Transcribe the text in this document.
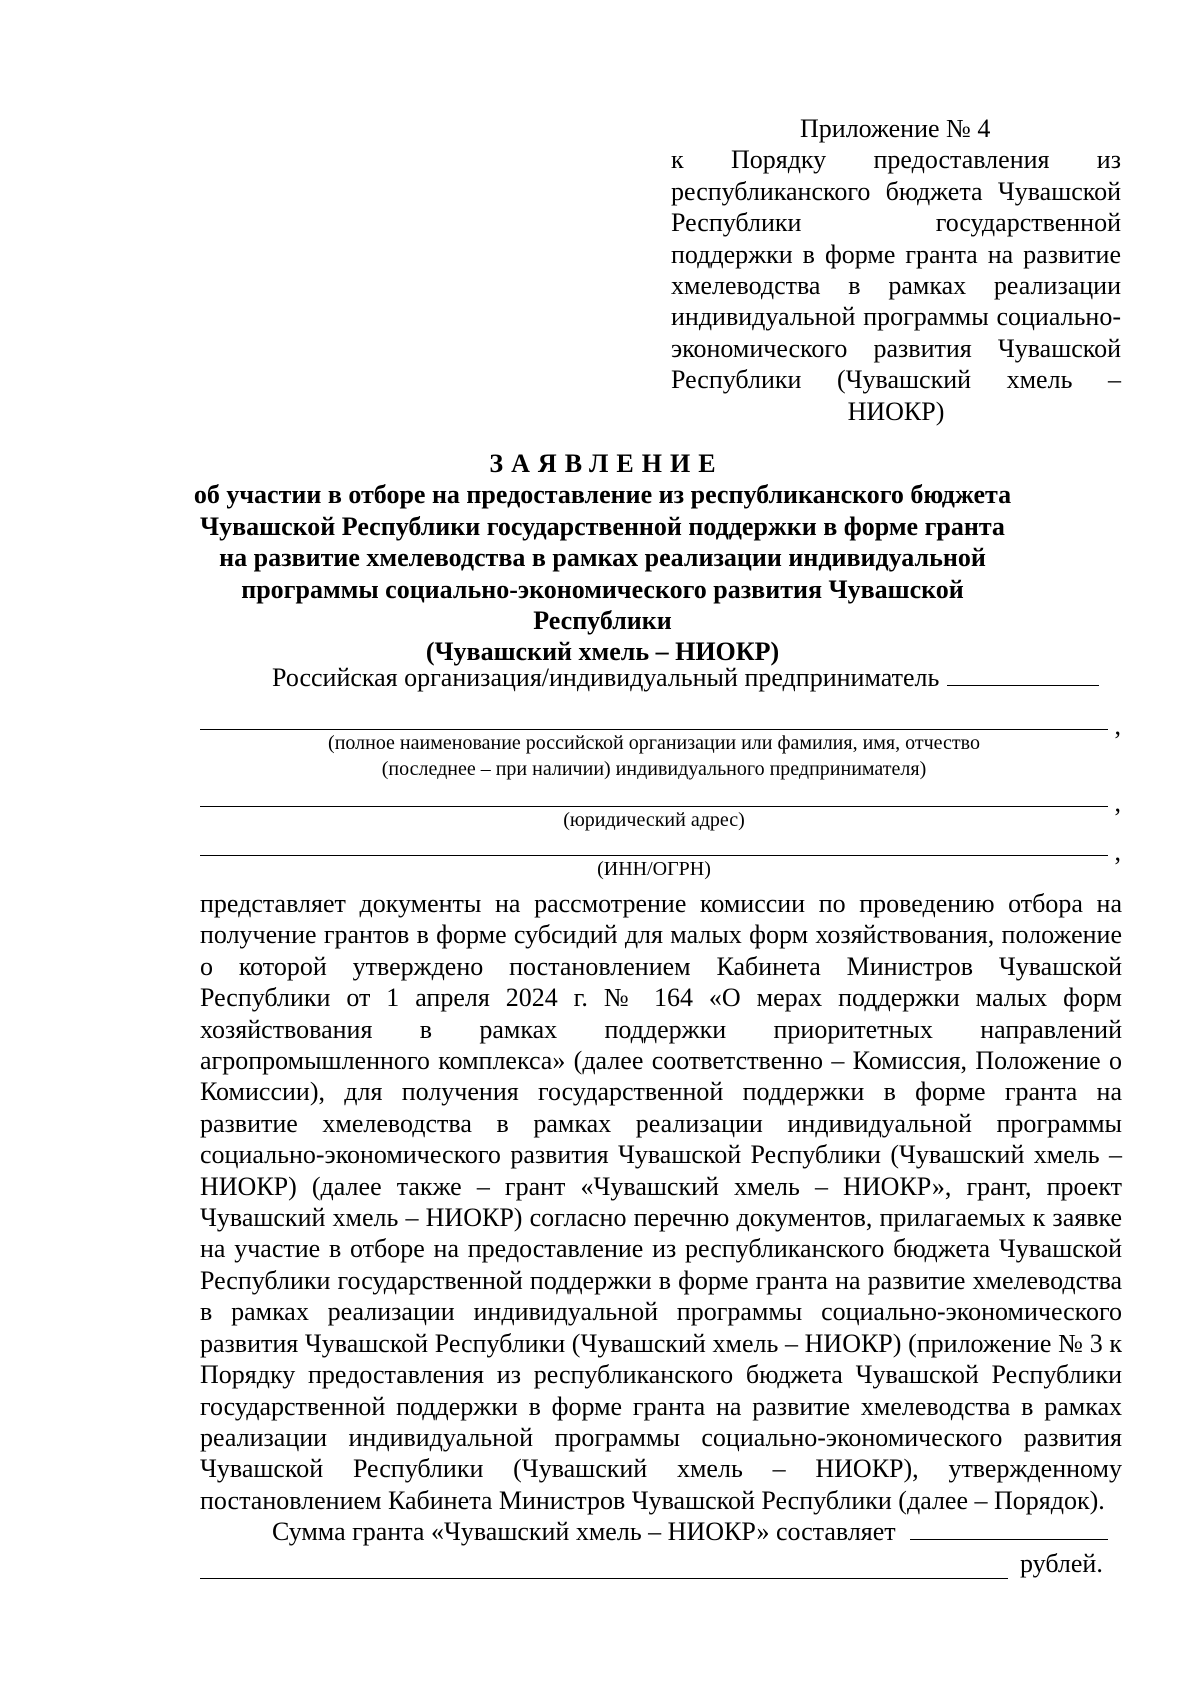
Приложение № 4
к Порядку предоставления из республиканского бюджета Чувашской Республики государственной поддержки в форме гранта на развитие хмелеводства в рамках реализации индивидуальной программы социально-экономического развития Чувашской Республики (Чувашский хмель – НИОКР)
ЗАЯВЛЕНИЕ
об участии в отборе на предоставление из республиканского бюджета
Чувашской Республики государственной поддержки в форме гранта
на развитие хмелеводства в рамках реализации индивидуальной
программы социально-экономического развития Чувашской Республики
(Чувашский хмель – НИОКР)
Российская организация/индивидуальный предприниматель
,
(полное наименование российской организации или фамилия, имя, отчество
(последнее – при наличии) индивидуального предпринимателя)
,
(юридический адрес)
,
(ИНН/ОГРН)

представляет документы на рассмотрение комиссии по проведению отбора на получение грантов в форме субсидий для малых форм хозяйствования, положение о которой утверждено постановлением Кабинета Министров Чувашской Республики от 1 апреля 2024 г. № 164 «О мерах поддержки малых форм хозяйствования в рамках поддержки приоритетных направлений агропромышленного комплекса» (далее соответственно – Комиссия, Положение о Комиссии), для получения государственной поддержки в форме гранта на развитие хмелеводства в рамках реализации индивидуальной программы социально-экономического развития Чувашской Республики (Чувашский хмель – НИОКР) (далее также – грант «Чувашский хмель – НИОКР», грант, проект Чувашский хмель – НИОКР) согласно перечню документов, прилагаемых к заявке на участие в отборе на предоставление из республиканского бюджета Чувашской Республики государственной поддержки в форме гранта на развитие хмелеводства в рамках реализации индивидуальной программы социально-экономического развития Чувашской Республики (Чувашский хмель – НИОКР) (приложение № 3 к Порядку предоставления из республиканского бюджета Чувашской Республики государственной поддержки в форме гранта на развитие хмелеводства в рамках реализации индивидуальной программы социально-экономического развития Чувашской Республики (Чувашский хмель – НИОКР), утвержденному постановлением Кабинета Министров Чувашской Республики (далее – Порядок).

Сумма гранта «Чувашский хмель – НИОКР» составляет

рублей.
